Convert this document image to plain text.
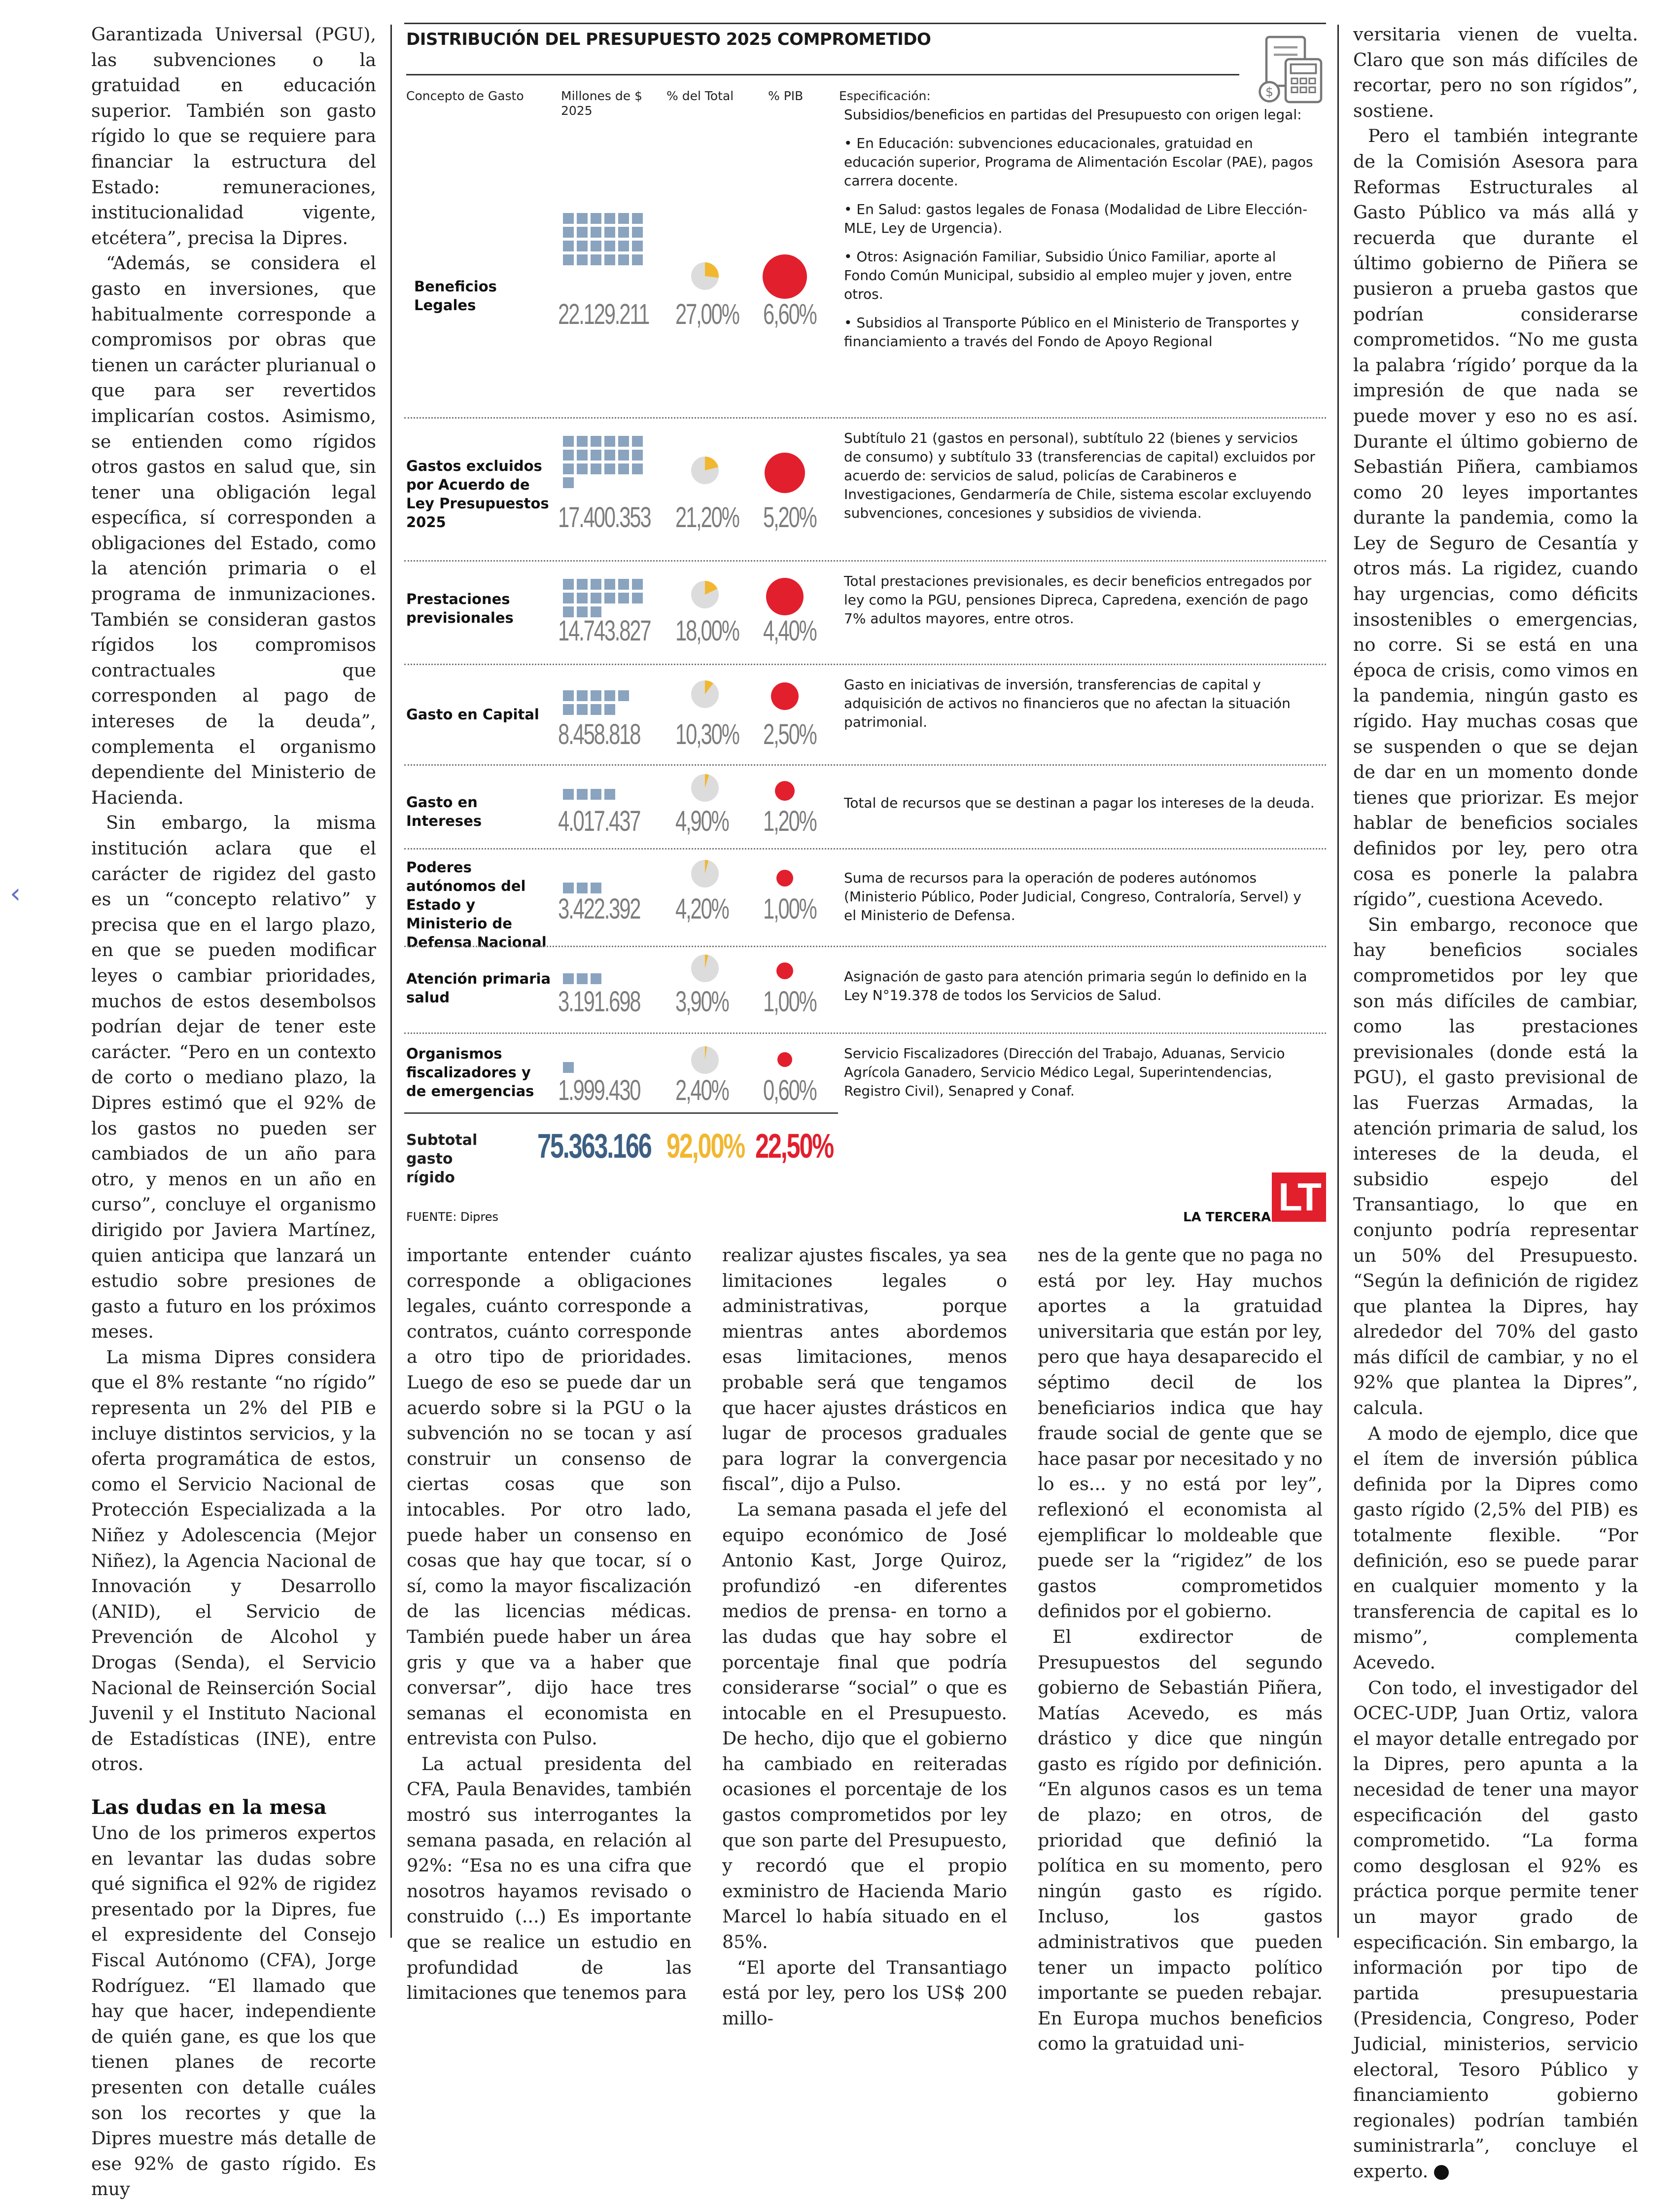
Garantizada Universal (PGU), las subvenciones o la gratuidad en educación superior. También son gasto rígido lo que se requiere para financiar la estructura del Estado: remuneraciones, institucionalidad vigente, etcétera”, precisa la Dipres.

“Además, se considera el gasto en inversiones, que habitualmente corresponde a compromisos por obras que tienen un carácter plurianual o que para ser revertidos implicarían costos. Asimismo, se entienden como rígidos otros gastos en salud que, sin tener una obligación legal específica, sí corresponden a obligaciones del Estado, como la atención primaria o el programa de inmunizaciones. También se consideran gastos rígidos los compromisos contractuales que corresponden al pago de intereses de la deuda”, complementa el organismo dependiente del Ministerio de Hacienda.

Sin embargo, la misma institución aclara que el carácter de rigidez del gasto es un “concepto relativo” y precisa que en el largo plazo, en que se pueden modificar leyes o cambiar prioridades, muchos de estos desembolsos podrían dejar de tener este carácter. “Pero en un contexto de corto o mediano plazo, la Dipres estimó que el 92% de los gastos no pueden ser cambiados de un año para otro, y menos en un año en curso”, concluye el organismo dirigido por Javiera Martínez, quien anticipa que lanzará un estudio sobre presiones de gasto a futuro en los próximos meses.

La misma Dipres considera que el 8% restante “no rígido” representa un 2% del PIB e incluye distintos servicios, y la oferta programática de estos, como el Servicio Nacional de Protección Especializada a la Niñez y Adolescencia (Mejor Niñez), la Agencia Nacional de Innovación y Desarrollo (ANID), el Servicio de Prevención de Alcohol y Drogas (Senda), el Servicio Nacional de Reinserción Social Juvenil y el Instituto Nacional de Estadísticas (INE), entre otros.

Las dudas en la mesa

Uno de los primeros expertos en levantar las dudas sobre qué significa el 92% de rigidez presentado por la Dipres, fue el expresidente del Consejo Fiscal Autónomo (CFA), Jorge Rodríguez. “El llamado que hay que hacer, independiente de quién gane, es que los que tienen planes de recorte presenten con detalle cuáles son los recortes y que la Dipres muestre más detalle de ese 92% de gasto rígido. Es muy

DISTRIBUCIÓN DEL PRESUPUESTO 2025 COMPROMETIDO
$
Concepto de Gasto	Millones de $ 2025
% del Total	% PIB	Especificación:
Beneficios Legales	22.129.211 27,00% 6,60%

Subsidios/beneficios en partidas del Presupuesto con origen legal:

• En Educación: subvenciones educacionales, gratuidad en educación superior, Programa de Alimentación Escolar (PAE), pagos carrera docente.

• En Salud: gastos legales de Fonasa (Modalidad de Libre Elección-MLE, Ley de Urgencia).

• Otros: Asignación Familiar, Subsidio Único Familiar, aporte al Fondo Común Municipal, subsidio al empleo mujer y joven, entre otros.

• Subsidios al Transporte Público en el Ministerio de Transportes y financiamiento a través del Fondo de Apoyo Regional

Gastos excluidos por Acuerdo de Ley Presupuestos 2025	17.400.353 21,20% 5,20%

Subtítulo 21 (gastos en personal), subtítulo 22 (bienes y servicios de consumo) y subtítulo 33 (transferencias de capital) excluidos por acuerdo de: servicios de salud, policías de Carabineros e Investigaciones, Gendarmería de Chile, sistema escolar excluyendo subvenciones, concesiones y subsidios de vivienda.

Prestaciones previsionales	14.743.827 18,00% 4,40%

Total prestaciones previsionales, es decir beneficios entregados por ley como la PGU, pensiones Dipreca, Capredena, exención de pago 7% adultos mayores, entre otros.

Gasto en Capital
8.458.818 10,30% 2,50%

Gasto en iniciativas de inversión, transferencias de capital y adquisición de activos no financieros que no afectan la situación patrimonial.

Gasto en Intereses	4.017.437 4,90% 1,20%

Total de recursos que se destinan a pagar los intereses de la deuda.

Poderes autónomos del Estado y Ministerio de Defensa Nacional
3.422.392 4,20% 1,00%

Suma de recursos para la operación de poderes autónomos (Ministerio Público, Poder Judicial, Congreso, Contraloría, Servel) y el Ministerio de Defensa.

Atención primaria salud	3.191.698 3,90% 1,00%

Asignación de gasto para atención primaria según lo definido en la Ley N°19.378 de todos los Servicios de Salud.

Organismos fiscalizadores y de emergencias 1.999.430 2,40% 0,60%

Servicio Fiscalizadores (Dirección del Trabajo, Aduanas, Servicio Agrícola Ganadero, Servicio Médico Legal, Superintendencias, Registro Civil), Senapred y Conaf.

Subtotal gasto rígido
75.363.166 92,00% 22,50%
FUENTE: Dipres	LA TERCERA LT

importante entender cuánto corresponde a obligaciones legales, cuánto corresponde a contratos, cuánto corresponde a otro tipo de prioridades. Luego de eso se puede dar un acuerdo sobre si la PGU o la subvención no se tocan y así construir un consenso de ciertas cosas que son intocables. Por otro lado, puede haber un consenso en cosas que hay que tocar, sí o sí, como la mayor fiscalización de las licencias médicas. También puede haber un área gris y que va a haber que conversar”, dijo hace tres semanas el economista en entrevista con Pulso.

La actual presidenta del CFA, Paula Benavides, también mostró sus interrogantes la semana pasada, en relación al 92%: “Esa no es una cifra que nosotros hayamos revisado o construido (...) Es importante que se realice un estudio en profundidad de las limitaciones que tenemos para

realizar ajustes fiscales, ya sea limitaciones legales o administrativas, porque mientras antes abordemos esas limitaciones, menos probable será que tengamos que hacer ajustes drásticos en lugar de procesos graduales para lograr la convergencia fiscal”, dijo a Pulso.

La semana pasada el jefe del equipo económico de José Antonio Kast, Jorge Quiroz, profundizó -en diferentes medios de prensa- en torno a las dudas que hay sobre el porcentaje final que podría considerarse “social” o que es intocable en el Presupuesto. De hecho, dijo que el gobierno ha cambiado en reiteradas ocasiones el porcentaje de los gastos comprometidos por ley que son parte del Presupuesto, y recordó que el propio exministro de Hacienda Mario Marcel lo había situado en el 85%.

“El aporte del Transantiago está por ley, pero los US$ 200 millo-

nes de la gente que no paga no está por ley. Hay muchos aportes a la gratuidad universitaria que están por ley, pero que haya desaparecido el séptimo decil de los beneficiarios indica que hay fraude social de gente que se hace pasar por necesitado y no lo es... y no está por ley”, reflexionó el economista al ejemplificar lo moldeable que puede ser la “rigidez” de los gastos comprometidos definidos por el gobierno.

El exdirector de Presupuestos del segundo gobierno de Sebastián Piñera, Matías Acevedo, es más drástico y dice que ningún gasto es rígido por definición. “En algunos casos es un tema de plazo; en otros, de prioridad que definió la política en su momento, pero ningún gasto es rígido. Incluso, los gastos administrativos que pueden tener un impacto político importante se pueden rebajar. En Europa muchos beneficios como la gratuidad uni-

versitaria vienen de vuelta. Claro que son más difíciles de recortar, pero no son rígidos”, sostiene.

Pero el también integrante de la Comisión Asesora para Reformas Estructurales al Gasto Público va más allá y recuerda que durante el último gobierno de Piñera se pusieron a prueba gastos que podrían considerarse comprometidos. “No me gusta la palabra ‘rígido’ porque da la impresión de que nada se puede mover y eso no es así. Durante el último gobierno de Sebastián Piñera, cambiamos como 20 leyes importantes durante la pandemia, como la Ley de Seguro de Cesantía y otros más. La rigidez, cuando hay urgencias, como déficits insostenibles o emergencias, no corre. Si se está en una época de crisis, como vimos en la pandemia, ningún gasto es rígido. Hay muchas cosas que se suspenden o que se dejan de dar en un momento donde tienes que priorizar. Es mejor hablar de beneficios sociales definidos por ley, pero otra cosa es ponerle la palabra rígido”, cuestiona Acevedo.

Sin embargo, reconoce que hay beneficios sociales comprometidos por ley que son más difíciles de cambiar, como las prestaciones previsionales (donde está la PGU), el gasto previsional de las Fuerzas Armadas, la atención primaria de salud, los intereses de la deuda, el subsidio espejo del Transantiago, lo que en conjunto podría representar un 50% del Presupuesto. “Según la definición de rigidez que plantea la Dipres, hay alrededor del 70% del gasto más difícil de cambiar, y no el 92% que plantea la Dipres”, calcula.

A modo de ejemplo, dice que el ítem de inversión pública definida por la Dipres como gasto rígido (2,5% del PIB) es totalmente flexible. “Por definición, eso se puede parar en cualquier momento y la transferencia de capital es lo mismo”, complementa Acevedo.

Con todo, el investigador del OCEC-UDP, Juan Ortiz, valora el mayor detalle entregado por la Dipres, pero apunta a la necesidad de tener una mayor especificación del gasto comprometido. “La forma como desglosan el 92% es práctica porque permite tener un mayor grado de especificación. Sin embargo, la información por tipo de partida presupuestaria (Presidencia, Congreso, Poder Judicial, ministerios, servicio electoral, Tesoro Público y financiamiento gobierno regionales) podrían también suministrarla”, concluye el experto. P

‹
